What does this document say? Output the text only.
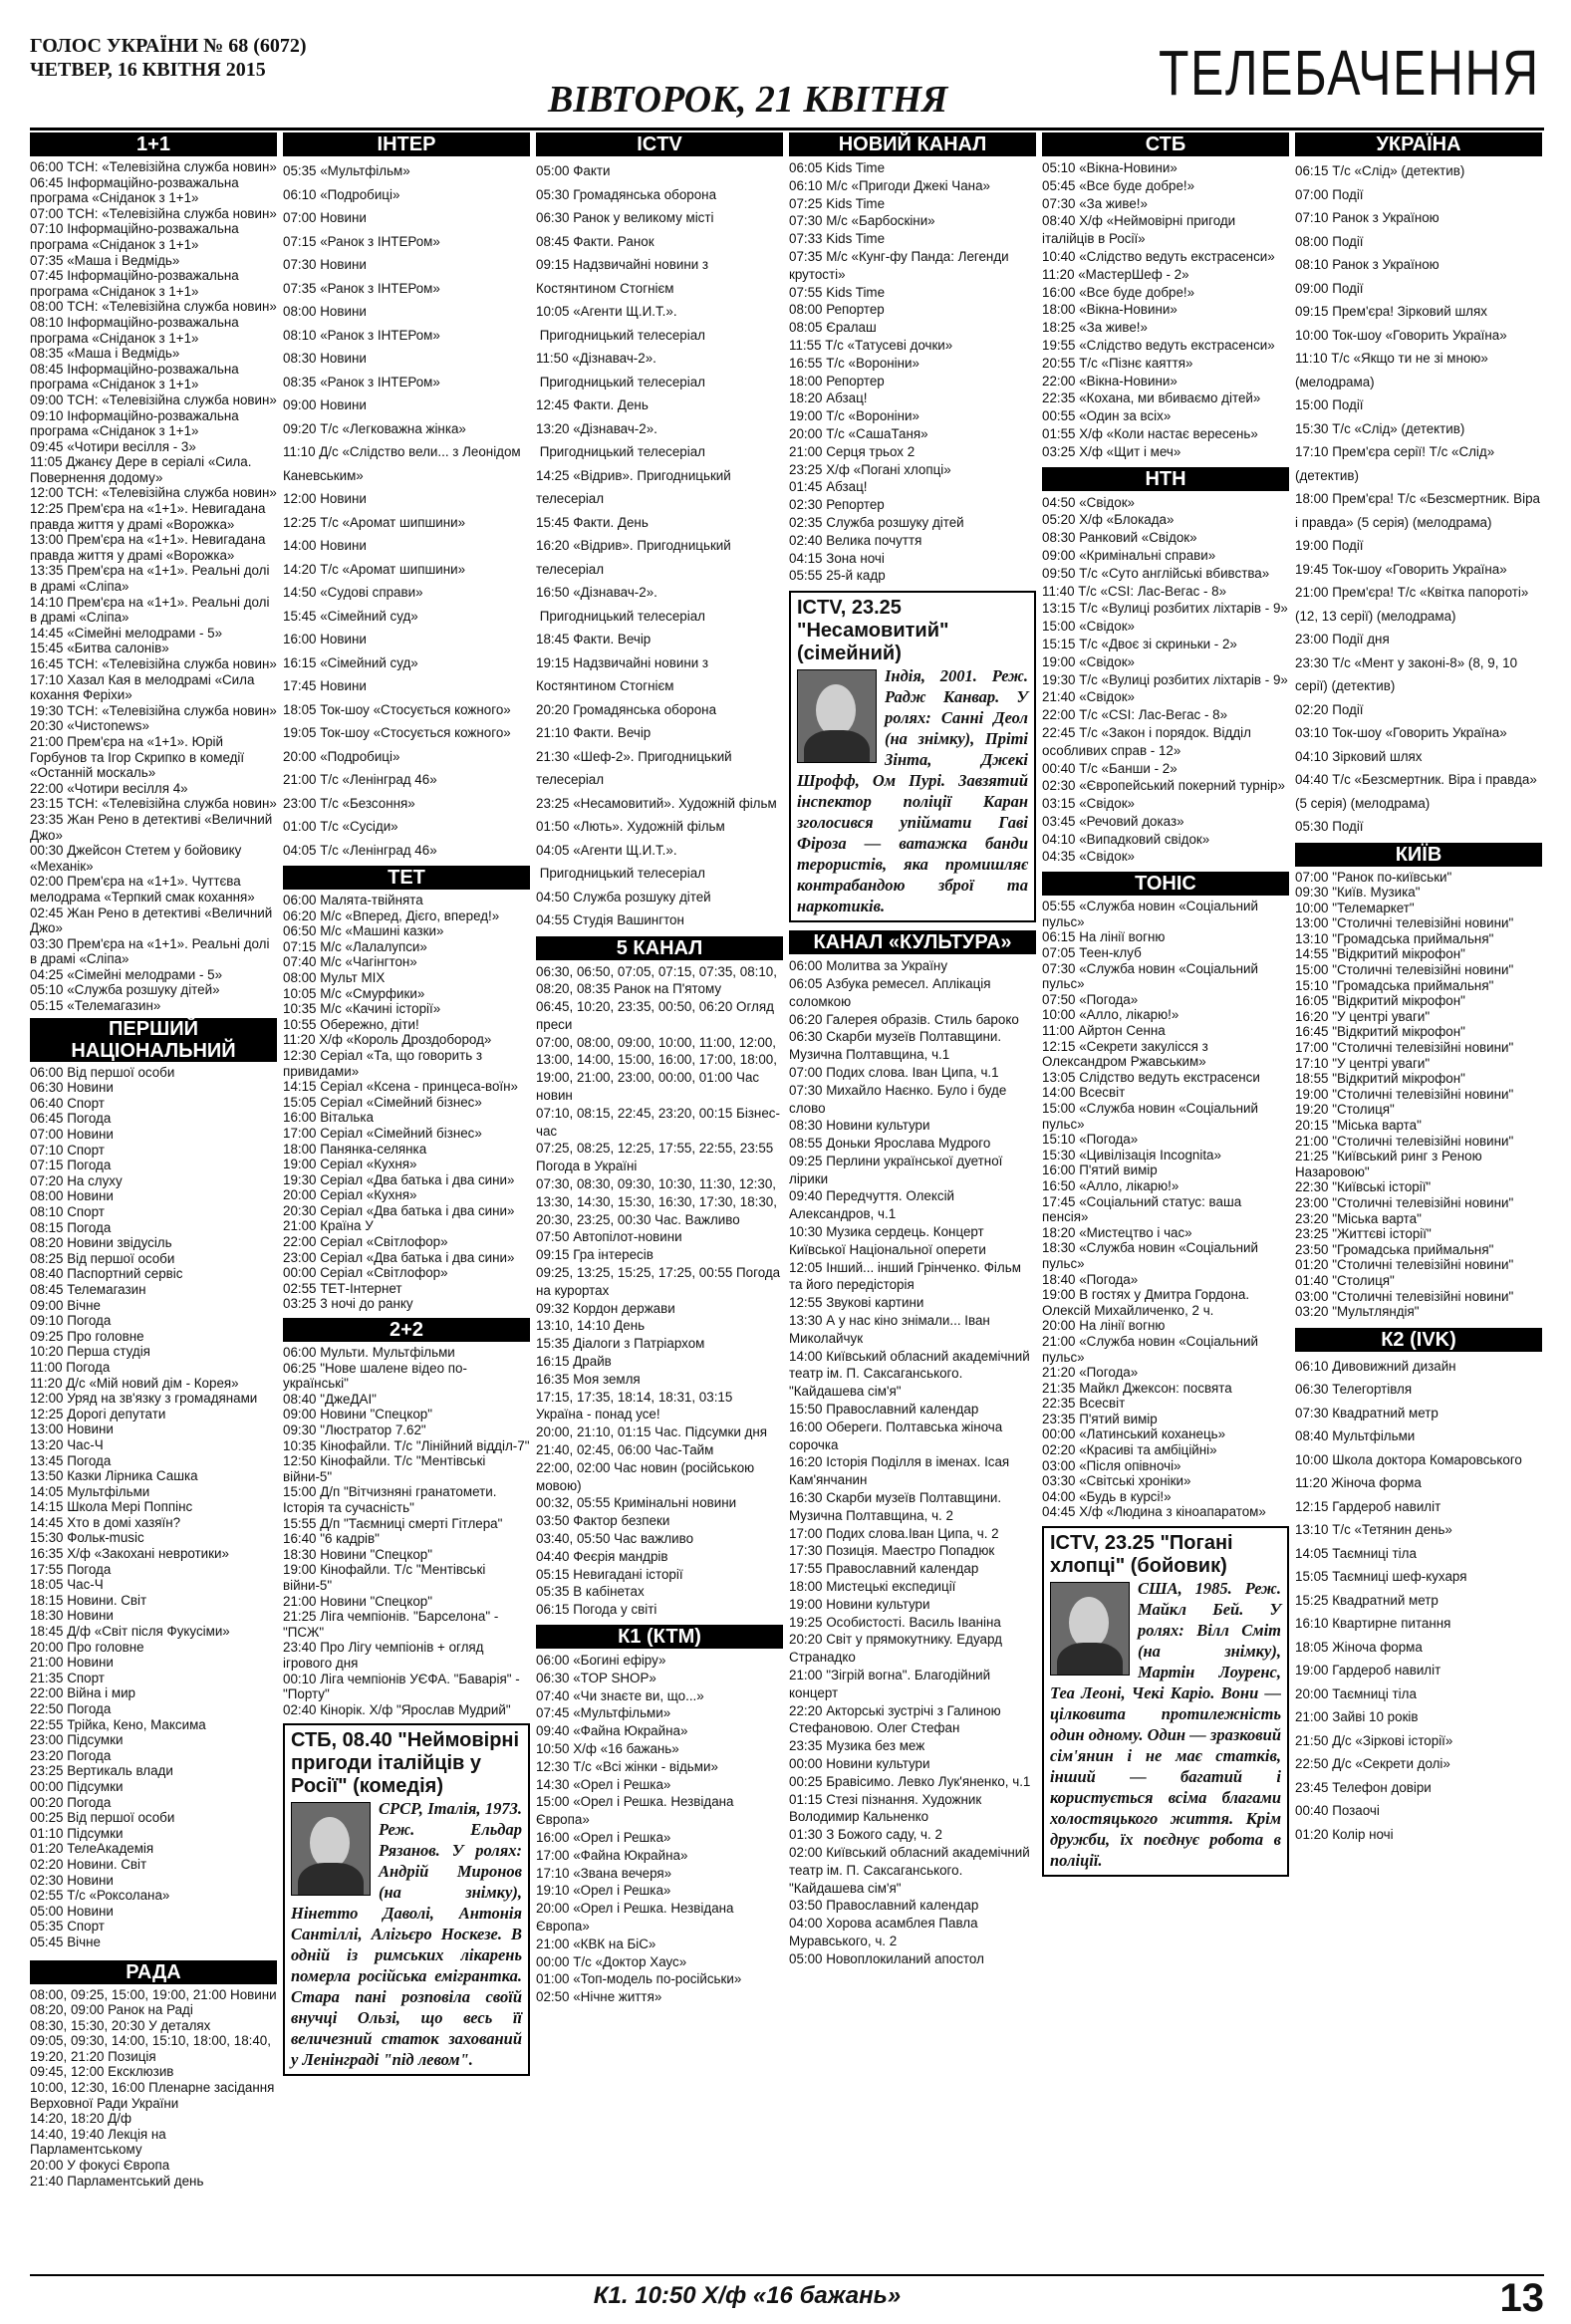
ГОЛОС УКРАЇНИ № 68 (6072)
ЧЕТВЕР, 16 КВІТНЯ 2015
ВІВТОРОК, 21 КВІТНЯ	ТЕЛЕБАЧЕННЯ
1+1
06:00 ТСН: «Телевізійна служба новин»
06:45 Інформаційно-розважальна програма «Сніданок з 1+1»
07:00 ТСН: «Телевізійна служба новин»
07:10 Інформаційно-розважальна програма «Сніданок з 1+1»
07:35 «Маша і Ведмідь»
07:45 Інформаційно-розважальна програма «Сніданок з 1+1»
08:00 ТСН: «Телевізійна служба новин»
08:10 Інформаційно-розважальна програма «Сніданок з 1+1»
08:35 «Маша і Ведмідь»
08:45 Інформаційно-розважальна програма «Сніданок з 1+1»
09:00 ТСН: «Телевізійна служба новин»
09:10 Інформаційно-розважальна програма «Сніданок з 1+1»
09:45 «Чотири весілля - 3»
11:05 Джанєу Дере в серіалі «Сила. Повернення додому»
12:00 ТСН: «Телевізійна служба новин»
12:25 Прем'єра на «1+1». Невигадана правда життя у драмі «Ворожка»
13:00 Прем'єра на «1+1». Невигадана правда життя у драмі «Ворожка»
13:35 Прем'єра на «1+1». Реальні долі в драмі «Сліпа»
14:10 Прем'єра на «1+1». Реальні долі в драмі «Сліпа»
14:45 «Сімейні мелодрами - 5»
15:45 «Битва салонів»
16:45 ТСН: «Телевізійна служба новин»
17:10 Хазал Кая в мелодрамі «Сила кохання Феріхи»
19:30 ТСН: «Телевізійна служба новин»
20:30 «Чистоnews»
21:00 Прем'єра на «1+1». Юрій Горбунов та Ігор Скрипко в комедії «Останній москаль»
22:00 «Чотири весілля 4»
23:15 ТСН: «Телевізійна служба новин»
23:35 Жан Рено в детективі «Величний Джо»
00:30 Джейсон Стетем у бойовику «Механік»
02:00 Прем'єра на «1+1». Чуттєва мелодрама «Терпкий смак кохання»
02:45 Жан Рено в детективі «Величний Джо»
03:30 Прем'єра на «1+1». Реальні долі в драмі «Сліпа»
04:25 «Сімейні мелодрами - 5»
05:10 «Служба розшуку дітей»
05:15 «Телемагазин»
ПЕРШИЙ НАЦІОНАЛЬНИЙ
06:00 Від першої особи
06:30 Новини
06:40 Спорт
06:45 Погода
07:00 Новини
07:10 Спорт
07:15 Погода
07:20 На слуху
08:00 Новини
08:10 Спорт
08:15 Погода
08:20 Новини звідусіль
08:25 Від першої особи
08:40 Паспортний сервіс
08:45 Телемагазин
09:00 Вічне
09:10 Погода
09:25 Про головне
10:20 Перша студія
11:00 Погода
11:20 Д/с «Мій новий дім - Корея»
12:00 Уряд на зв'язку з громадянами
12:25 Дорогі депутати
13:00 Новини
13:20 Час-Ч
13:45 Погода
13:50 Казки Лірника Сашка
14:05 Мультфільми
14:15 Школа Мері Поппінс
14:45 Хто в домі хазяїн?
15:30 Фольк-music
16:35 Х/ф «Закохані невротики»
17:55 Погода
18:05 Час-Ч
18:15 Новини. Світ
18:30 Новини
18:45 Д/ф «Світ після Фукусіми»
20:00 Про головне
21:00 Новини
21:35 Спорт
22:00 Війна і мир
22:50 Погода
22:55 Трійка, Кено, Максима
23:00 Підсумки
23:20 Погода
23:25 Вертикаль влади
00:00 Підсумки
00:20 Погода
00:25 Від першої особи
01:10 Підсумки
01:20 ТелеАкадемія
02:20 Новини. Світ
02:30 Новини
02:55 Т/с «Роксолана»
05:00 Новини
05:35 Спорт
05:45 Вічне
РАДА
08:00, 09:25, 15:00, 19:00, 21:00 Новини
08:20, 09:00 Ранок на Раді
08:30, 15:30, 20:30 У деталях
09:05, 09:30, 14:00, 15:10, 18:00, 18:40, 19:20, 21:20 Позиція
09:45, 12:00 Ексклюзив
10:00, 12:30, 16:00 Пленарне засідання Верховної Ради України
14:20, 18:20 Д/ф
14:40, 19:40 Лекція на Парламентському
20:00 У фокусі Європа
21:40 Парламентський день
ІНТЕР
05:35 «Мультфільм»
06:10 «Подробиці»
07:00 Новини
07:15 «Ранок з ІНТЕРом»
07:30 Новини
07:35 «Ранок з ІНТЕРом»
08:00 Новини
08:10 «Ранок з ІНТЕРом»
08:30 Новини
08:35 «Ранок з ІНТЕРом»
09:00 Новини
09:20 Т/с «Легковажна жінка»
11:10 Д/с «Слідство вели... з Леонідом Каневським»
12:00 Новини
12:25 Т/с «Аромат шипшини»
14:00 Новини
14:20 Т/с «Аромат шипшини»
14:50 «Судові справи»
15:45 «Сімейний суд»
16:00 Новини
16:15 «Сімейний суд»
17:45 Новини
18:05 Ток-шоу «Стосується кожного»
19:05 Ток-шоу «Стосується кожного»
20:00 «Подробиці»
21:00 Т/с «Ленінград 46»
23:00 Т/с «Безсоння»
01:00 Т/с «Сусіди»
04:05 Т/с «Ленінград 46»
ТЕТ
06:00 Малята-твійнята
06:20 М/с «Вперед, Дієго, вперед!»
06:50 М/с «Машині казки»
07:15 М/с «Лалалупси»
07:40 М/с «Чагінгтон»
08:00 Мульт МІХ
10:05 М/с «Смурфики»
10:35 М/с «Качині історії»
10:55 Обережно, діти!
11:20 Х/ф «Король Дроздобород»
12:30 Серіал «Та, що говорить з привидами»
14:15 Серіал «Ксена - принцеса-воїн»
15:05 Серіал «Сімейний бізнес»
16:00 Віталька
17:00 Серіал «Сімейний бізнес»
18:00 Панянка-селянка
19:00 Серіал «Кухня»
19:30 Серіал «Два батька і два сини»
20:00 Серіал «Кухня»
20:30 Серіал «Два батька і два сини»
21:00 Країна У
22:00 Серіал «Світлофор»
23:00 Серіал «Два батька і два сини»
00:00 Серіал «Світлофор»
02:55 ТЕТ-Інтернет
03:25 3 ночі до ранку
2+2
06:00 Мульти. Мультфільми
06:25 "Нове шалене відео по-українські"
08:40 "ДжеДАІ"
09:00 Новини "Спецкор"
09:30 "Люстратор 7.62"
10:35 Кінофайли. Т/с "Лінійний відділ-7"
12:50 Кінофайли. Т/с "Ментівські війни-5"
15:00 Д/п "Вітчизняні гранатомети. Історія та сучасність"
15:55 Д/п "Таємниці смерті Гітлера"
16:40 "6 кадрів"
18:30 Новини "Спецкор"
19:00 Кінофайли. Т/с "Ментівські війни-5"
21:00 Новини "Спецкор"
21:25 Ліга чемпіонів. "Барселона" - "ПСЖ"
23:40 Про Лігу чемпіонів + огляд ігрового дня
00:10 Ліга чемпіонів УЄФА. "Баварія" - "Порту"
02:40 Кінорік. Х/ф "Ярослав Мудрий"
СТБ, 08.40 "Неймовірні пригоди італійців у Росії" (комедія)
СРСР, Італія, 1973. Реж. Ельдар Рязанов. У ролях: Андрій Миронов (на знімку), Нінетто Даволі, Антонія Сантіллі, Алігьєро Носкезе. В одній із римських лікарень померла російська емігрантка. Стара пані розповіла своїй внучці Ользі, що весь її величезний статок захований у Ленінграді "під левом".
ICTV
05:00 Факти
05:30 Громадянська оборона
06:30 Ранок у великому місті
08:45 Факти. Ранок
09:15 Надзвичайні новини з Костянтином Стогнієм
10:05 «Агенти Щ.И.Т.».
Пригодницький телесеріал
11:50 «Дізнавач-2».
Пригодницький телесеріал
12:45 Факти. День
13:20 «Дізнавач-2».
Пригодницький телесеріал
14:25 «Відрив». Пригодницький телесеріал
15:45 Факти. День
16:20 «Відрив». Пригодницький телесеріал
16:50 «Дізнавач-2».
Пригодницький телесеріал
18:45 Факти. Вечір
19:15 Надзвичайні новини з Костянтином Стогнієм
20:20 Громадянська оборона
21:10 Факти. Вечір
21:30 «Шеф-2». Пригодницький телесеріал
23:25 «Несамовитий». Художній фільм
01:50 «Лють». Художній фільм
04:05 «Агенти Щ.И.Т.».
Пригодницький телесеріал
04:50 Служба розшуку дітей
04:55 Студія Вашингтон
5 КАНАЛ
06:30, 06:50, 07:05, 07:15, 07:35, 08:10, 08:20, 08:35 Ранок на П'ятому
06:45, 10:20, 23:35, 00:50, 06:20 Огляд преси
07:00, 08:00, 09:00, 10:00, 11:00, 12:00, 13:00, 14:00, 15:00, 16:00, 17:00, 18:00, 19:00, 21:00, 23:00, 00:00, 01:00 Час новин
07:10, 08:15, 22:45, 23:20, 00:15 Бізнес-час
07:25, 08:25, 12:25, 17:55, 22:55, 23:55 Погода в Україні
07:30, 08:30, 09:30, 10:30, 11:30, 12:30, 13:30, 14:30, 15:30, 16:30, 17:30, 18:30, 20:30, 23:25, 00:30 Час. Важливо
07:50 Автопілот-новини
09:15 Гра інтересів
09:25, 13:25, 15:25, 17:25, 00:55 Погода на курортах
09:32 Кордон держави
13:10, 14:10 День
15:35 Діалоги з Патріархом
16:15 Драйв
16:35 Моя земля
17:15, 17:35, 18:14, 18:31, 03:15 Україна - понад усе!
20:00, 21:10, 01:15 Час. Підсумки дня
21:40, 02:45, 06:00 Час-Тайм
22:00, 02:00 Час новин (російською мовою)
00:32, 05:55 Кримінальні новини
03:50 Фактор безпеки
03:40, 05:50 Час важливо
04:40 Феєрія мандрів
05:15 Невигадані історії
05:35 В кабінетах
06:15 Погода у світі
К1 (КТМ)
06:00 «Богині ефіру»
06:30 «TOP SHOP»
07:40 «Чи знаєте ви, що...»
07:45 «Мультфільми»
09:40 «Файна Юкрайна»
10:50 Х/ф «16 бажань»
12:30 Т/с «Всі жінки - відьми»
14:30 «Орел і Решка»
15:00 «Орел і Решка. Незвідана Європа»
16:00 «Орел і Решка»
17:00 «Файна Юкрайна»
17:10 «Звана вечеря»
19:10 «Орел і Решка»
20:00 «Орел і Решка. Незвідана Європа»
21:00 «КВК на БіС»
00:00 Т/с «Доктор Хаус»
01:00 «Топ-модель по-російськи»
02:50 «Нічне життя»
НОВИЙ КАНАЛ
06:05 Kids Time
06:10 М/с «Пригоди Джекі Чана»
07:25 Kids Time
07:30 М/с «Барбоскіни»
07:33 Kids Time
07:35 М/с «Кунг-фу Панда: Легенди крутості»
07:55 Kids Time
08:00 Репортер
08:05 Єралаш
11:55 Т/с «Татусеві дочки»
16:55 Т/с «Вороніни»
18:00 Репортер
18:20 Абзац!
19:00 Т/с «Вороніни»
20:00 Т/с «СашаТаня»
21:00 Серця трьох 2
23:25 Х/ф «Погані хлопці»
01:45 Абзац!
02:30 Репортер
02:35 Служба розшуку дітей
02:40 Велика почуття
04:15 Зона ночі
05:55 25-й кадр
ICTV, 23.25 "Несамовитий" (сімейний)
Індія, 2001. Реж. Радж Канвар. У ролях: Санні Деол (на знімку), Пріті Зінта, Джекі Шрофф, Ом Пурі. Завзятий інспектор поліції Каран зголосився упіймати Гаві Фіроза — ватажка банди терористів, яка промишляє контрабандою зброї та наркотиків.
КАНАЛ «КУЛЬТУРА»
06:00 Молитва за Україну
06:05 Азбука ремесел. Аплікація соломкою
06:20 Галерея образів. Стиль бароко
06:30 Скарби музеїв Полтавщини. Музична Полтавщина, ч.1
07:00 Подих слова. Іван Ципа, ч.1
07:30 Михайло Наєнко. Було і буде слово
08:30 Новини культури
08:55 Доньки Ярослава Мудрого
09:25 Перлини української дуетної лірики
09:40 Передчуття. Олексій Александров, ч.1
10:30 Музика сердець. Концерт Київської Національної оперети
12:05 Інший... інший Грінченко. Фільм та його передісторія
12:55 Звукові картини
13:30 А у нас кіно знімали... Іван Миколайчук
14:00 Київський обласний академічний театр ім. П. Саксаганського. "Кайдашева сім'я"
15:50 Православний календар
16:00 Обереги. Полтавська жіноча сорочка
16:20 Історія Поділля в іменах. Ісая Кам'янчанин
16:30 Скарби музеїв Полтавщини. Музична Полтавщина, ч. 2
17:00 Подих слова.Іван Ципа, ч. 2
17:30 Позиція. Маестро Попадюк
17:55 Православний календар
18:00 Мистецькі експедиції
19:00 Новини культури
19:25 Особистості. Василь Іваніна
20:20 Світ у прямокутнику. Едуард Странадко
21:00 "Зігрій вогна". Благодійний концерт
22:20 Акторські зустрічі з Галиною Стефановою. Олег Стефан
23:35 Музика без меж
00:00 Новини культури
00:25 Бравісимо. Левко Лук'яненко, ч.1
01:15 Стезі пізнання. Художник Володимир Кальненко
01:30 З Божого саду, ч. 2
02:00 Київський обласний академічний театр ім. П. Саксаганського. "Кайдашева сім'я"
03:50 Православний календар
04:00 Хорова асамблея Павла Муравського, ч. 2
05:00 Новоплокиланий апостол
СТБ
05:10 «Вікна-Новини»
05:45 «Все буде добре!»
07:30 «За живе!»
08:40 Х/ф «Неймовірні пригоди італійців в Росії»
10:40 «Слідство ведуть екстрасенси»
11:20 «МастерШеф - 2»
16:00 «Все буде добре!»
18:00 «Вікна-Новини»
18:25 «За живе!»
19:55 «Слідство ведуть екстрасенси»
20:55 Т/с «Пізнє каяття»
22:00 «Вікна-Новини»
22:35 «Кохана, ми вбиваємо дітей»
00:55 «Один за всіх»
01:55 Х/ф «Коли настає вересень»
03:25 Х/ф «Щит і меч»
НТН
04:50 «Свідок»
05:20 Х/ф «Блокада»
08:30 Ранковий «Свідок»
09:00 «Кримінальні справи»
09:50 Т/с «Суто англійські вбивства»
11:40 Т/с «CSI: Лас-Вегас - 8»
13:15 Т/с «Вулиці розбитих ліхтарів - 9»
15:00 «Свідок»
15:15 Т/с «Двоє зі скриньки - 2»
19:00 «Свідок»
19:30 Т/с «Вулиці розбитих ліхтарів - 9»
21:40 «Свідок»
22:00 Т/с «CSI: Лас-Вегас - 8»
22:45 Т/с «Закон і порядок. Відділ особливих справ - 12»
00:40 Т/с «Банши - 2»
02:30 «Європейський покерний турнір»
03:15 «Свідок»
03:45 «Речовий доказ»
04:10 «Випадковий свідок»
04:35 «Свідок»
ТОНІС
05:55 «Служба новин «Соціальний пульс»
06:15 На лінії вогню
07:05 Теен-клуб
07:30 «Служба новин «Соціальний пульс»
07:50 «Погода»
10:00 «Алло, лікарю!»
11:00 Айртон Сенна
12:15 «Секрети закулісся з Олександром Ржавським»
13:05 Слідство ведуть екстрасенси
14:00 Всесвіт
15:00 «Служба новин «Соціальний пульс»
15:10 «Погода»
15:30 «Цивілізація Incognita»
16:00 П'ятий вимір
16:50 «Алло, лікарю!»
17:45 «Соціальний статус: ваша пенсія»
18:20 «Мистецтво і час»
18:30 «Служба новин «Соціальний пульс»
18:40 «Погода»
19:00 В гостях у Дмитра Гордона. Олексій Михайличенко, 2 ч.
20:00 На лінії вогню
21:00 «Служба новин «Соціальний пульс»
21:20 «Погода»
21:35 Майкл Джексон: посвята
22:35 Всесвіт
23:35 П'ятий вимір
00:00 «Латинський коханець»
02:20 «Красиві та амбіційні»
03:00 «Після опівночі»
03:30 «Світські хроніки»
04:00 «Будь в курсі!»
04:45 Х/ф «Людина з кінoапаратом»
ICTV, 23.25 "Погані хлопці" (бойовик)
США, 1985. Реж. Майкл Бей. У ролях: Вілл Сміт (на знімку), Мартін Лоуренс, Теа Леоні, Чекі Каріо. Вони — цілковита протилежність один одному. Один — зразковий сім'янин і не має статків, інший — багатий і користується всіма благами холостяцького життя. Крім дружби, їх поєднує робота в поліції.
УКРАЇНА
06:15 Т/с «Слід» (детектив)
07:00 Події
07:10 Ранок з Україною
08:00 Події
08:10 Ранок з Україною
09:00 Події
09:15 Прем'єра! Зірковий шлях
10:00 Ток-шоу «Говорить Україна»
11:10 Т/с «Якщо ти не зі мною» (мелодрама)
15:00 Події
15:30 Т/с «Слід» (детектив)
17:10 Прем'єра серії! Т/с «Слід» (детектив)
18:00 Прем'єра! Т/с «Безсмертник. Віра і правда» (5 серія) (мелодрама)
19:00 Події
19:45 Ток-шоу «Говорить Україна»
21:00 Прем'єра! Т/с «Квітка папороті» (12, 13 серії) (мелодрама)
23:00 Події дня
23:30 Т/с «Мент у законі-8» (8, 9, 10 серії) (детектив)
02:20 Події
03:10 Ток-шоу «Говорить Україна»
04:10 Зірковий шлях
04:40 Т/с «Безсмертник. Віра і правда» (5 серія) (мелодрама)
05:30 Події
КИЇВ
07:00 "Ранок по-київськи"
09:30 "Київ. Музика"
10:00 "Телемаркет"
13:00 "Столичні телевізійні новини"
13:10 "Громадська приймальня"
14:55 "Відкритий мікрофон"
15:00 "Столичні телевізійні новини"
15:10 "Громадська приймальня"
16:05 "Відкритий мікрофон"
16:20 "У центрі уваги"
16:45 "Відкритий мікрофон"
17:00 "Столичні телевізійні новини"
17:10 "У центрі уваги"
18:55 "Відкритий мікрофон"
19:00 "Столичні телевізійні новини"
19:20 "Столиця"
20:15 "Міська варта"
21:00 "Столичні телевізійні новини"
21:25 "Київський ринг з Реною Назаровою"
22:30 "Київські історії"
23:00 "Столичні телевізійні новини"
23:20 "Міська варта"
23:25 "Життєві історії"
23:50 "Громадська приймальня"
01:20 "Столичні телевізійні новини"
01:40 "Столиця"
03:00 "Столичні телевізійні новини"
03:20 "Мультляндія"
К2 (IVK)
06:10 Дивовижний дизайн
06:30 Телегортівля
07:30 Квадратний метр
08:40 Мультфільми
10:00 Школа доктора Комаровського
11:20 Жіноча форма
12:15 Гардероб навиліт
13:10 Т/с «Тетянин день»
14:05 Таємниці тіла
15:05 Таємниці шеф-кухаря
15:25 Квадратний метр
16:10 Квартирне питання
18:05 Жіноча форма
19:00 Гардероб навиліт
20:00 Таємниці тіла
21:00 Зайві 10 років
21:50 Д/с «Зіркові історії»
22:50 Д/с «Секрети долі»
23:45 Телефон довіри
00:40 Позаочі
01:20 Колір ночі
К1. 10:50 Х/ф «16 бажань»	13
